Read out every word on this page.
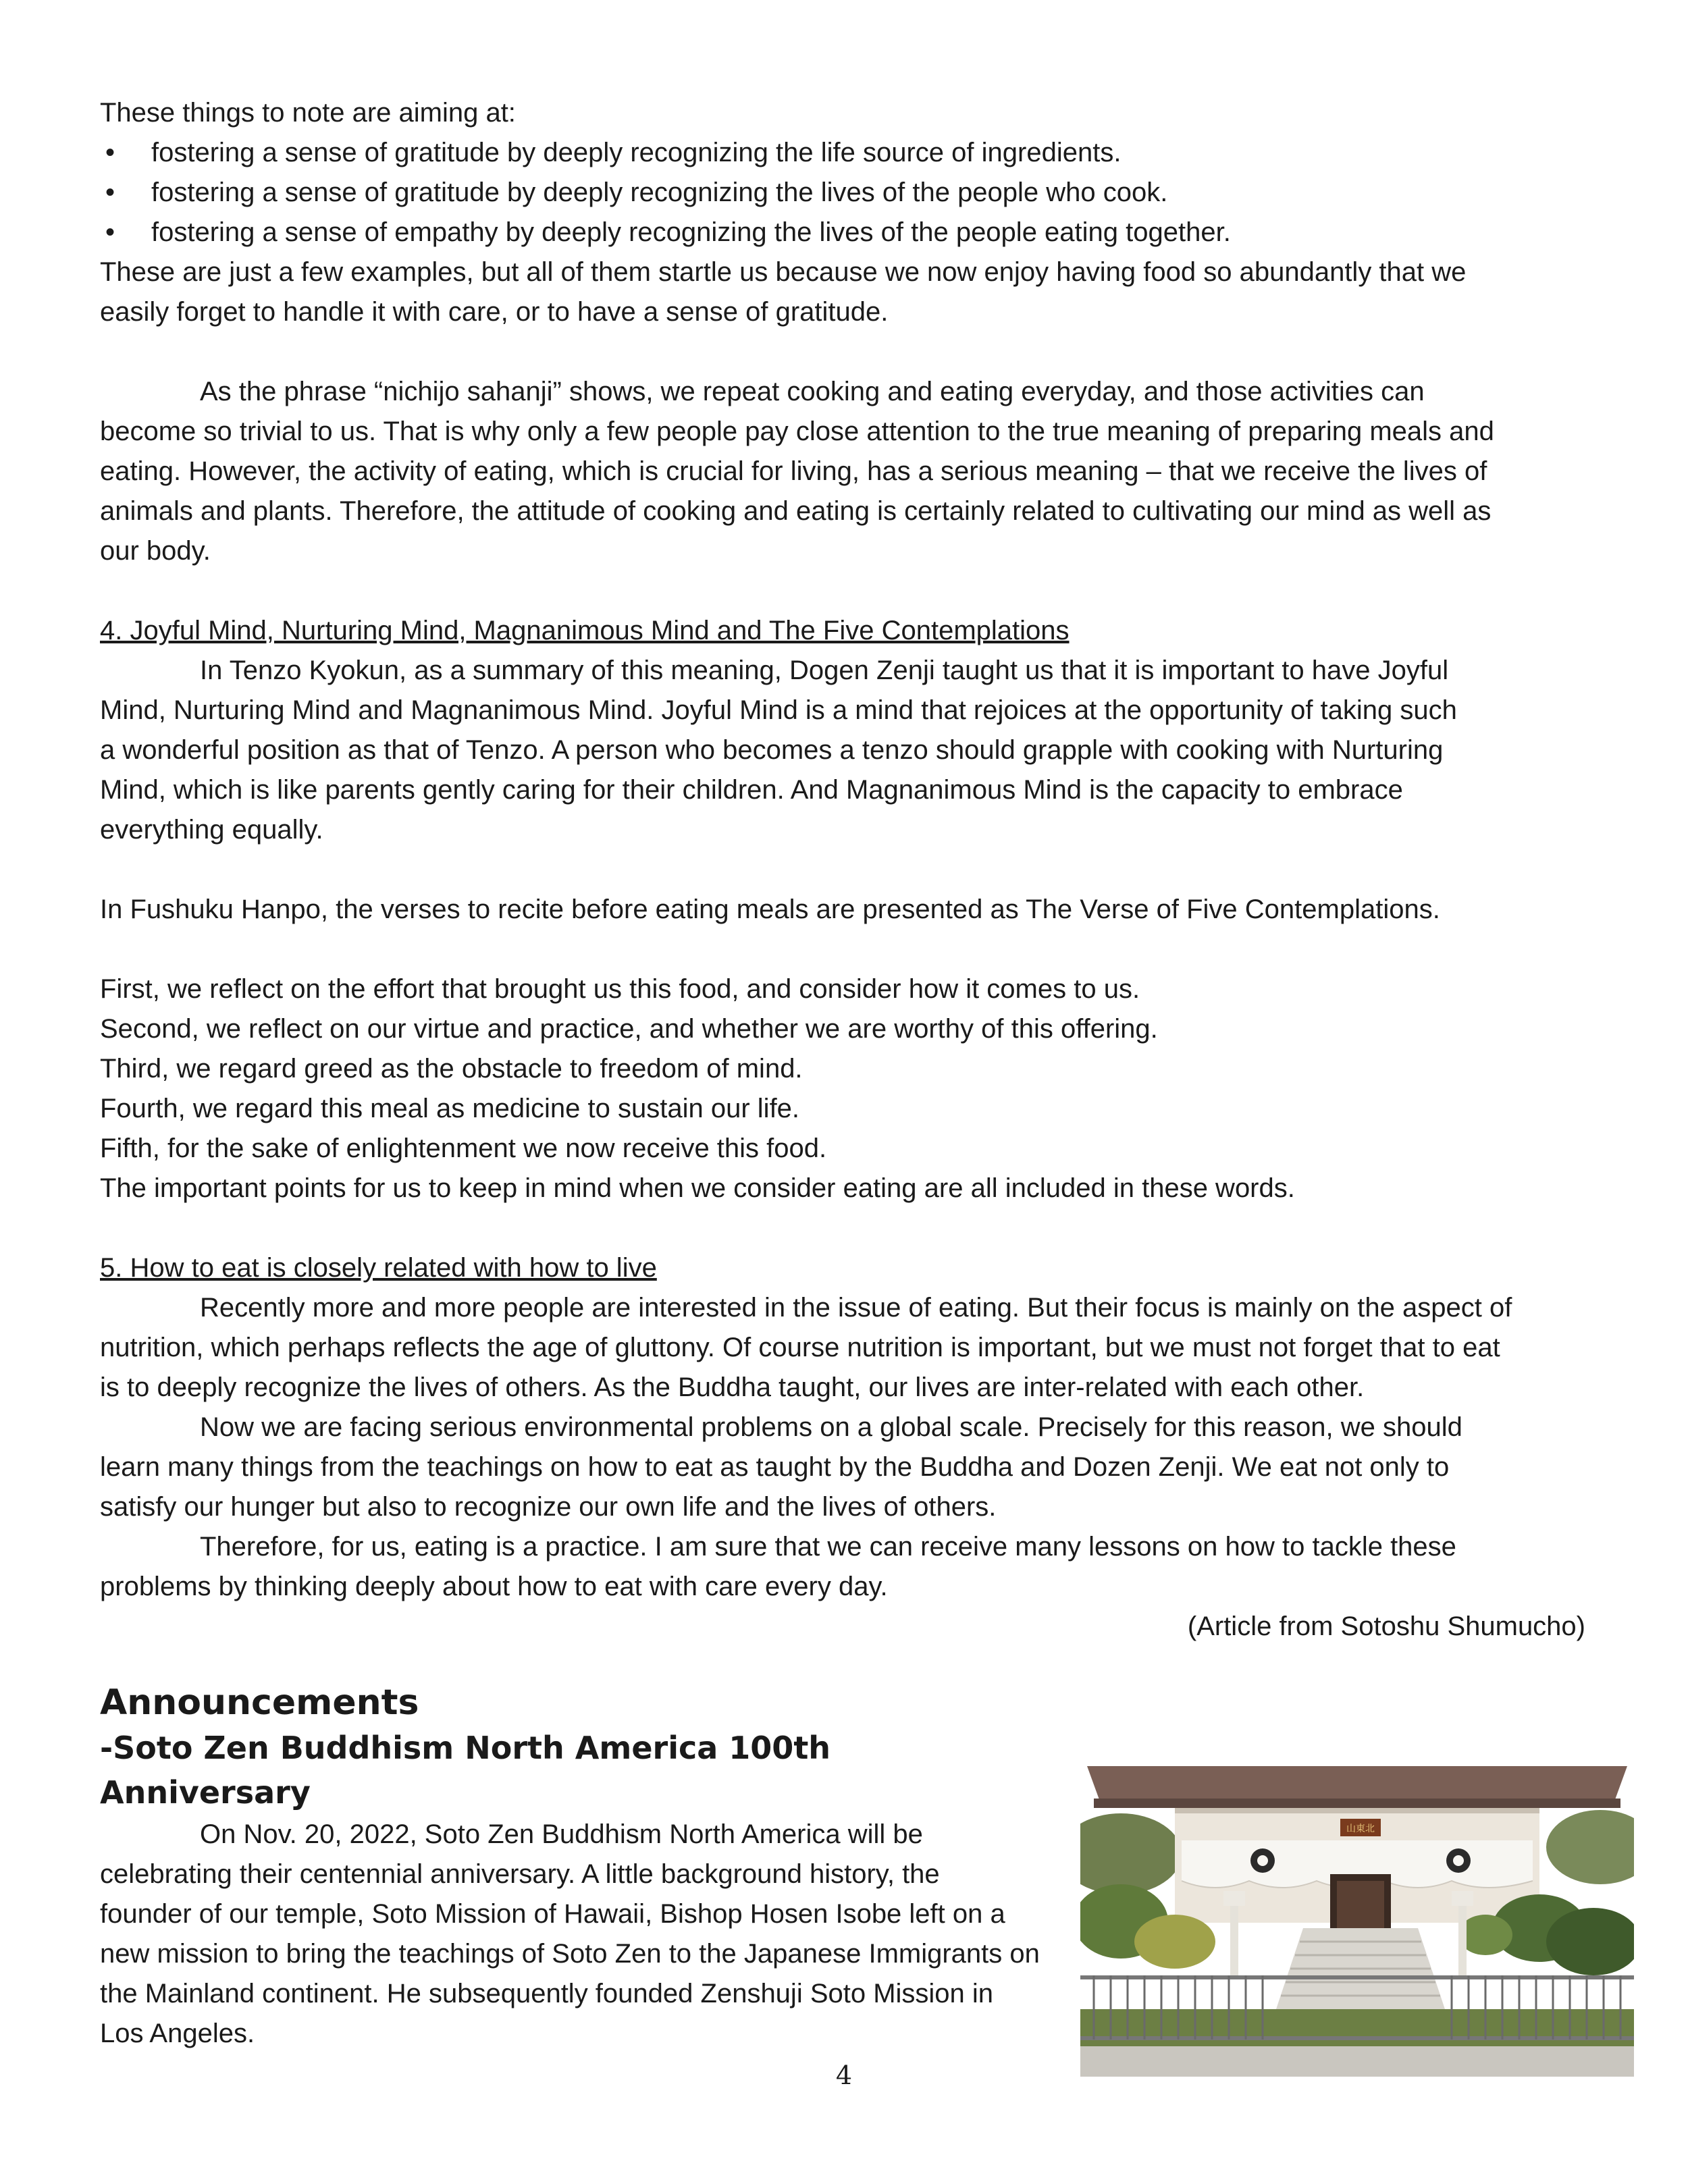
These things to note are aiming at:

• fostering a sense of gratitude by deeply recognizing the life source of ingredients.
• fostering a sense of gratitude by deeply recognizing the lives of the people who cook.
• fostering a sense of empathy by deeply recognizing the lives of the people eating together.

These are just a few examples, but all of them startle us because we now enjoy having food so abundantly that we

easily forget to handle it with care, or to have a sense of gratitude.

As the phrase “nichijo sahanji” shows, we repeat cooking and eating everyday, and those activities can

become so trivial to us. That is why only a few people pay close attention to the true meaning of preparing meals and

eating. However, the activity of eating, which is crucial for living, has a serious meaning – that we receive the lives of

animals and plants. Therefore, the attitude of cooking and eating is certainly related to cultivating our mind as well as

our body.

4. Joyful Mind, Nurturing Mind, Magnanimous Mind and The Five Contemplations

In Tenzo Kyokun, as a summary of this meaning, Dogen Zenji taught us that it is important to have Joyful

Mind, Nurturing Mind and Magnanimous Mind. Joyful Mind is a mind that rejoices at the opportunity of taking such

a wonderful position as that of Tenzo. A person who becomes a tenzo should grapple with cooking with Nurturing

Mind, which is like parents gently caring for their children. And Magnanimous Mind is the capacity to embrace

everything equally.

In Fushuku Hanpo, the verses to recite before eating meals are presented as The Verse of Five Contemplations.

First, we reflect on the effort that brought us this food, and consider how it comes to us.

Second, we reflect on our virtue and practice, and whether we are worthy of this offering.

Third, we regard greed as the obstacle to freedom of mind.

Fourth, we regard this meal as medicine to sustain our life.

Fifth, for the sake of enlightenment we now receive this food.

The important points for us to keep in mind when we consider eating are all included in these words.

5. How to eat is closely related with how to live

Recently more and more people are interested in the issue of eating. But their focus is mainly on the aspect of

nutrition, which perhaps reflects the age of gluttony. Of course nutrition is important, but we must not forget that to eat

is to deeply recognize the lives of others. As the Buddha taught, our lives are inter-related with each other.

Now we are facing serious environmental problems on a global scale. Precisely for this reason, we should

learn many things from the teachings on how to eat as taught by the Buddha and Dozen Zenji. We eat not only to

satisfy our hunger but also to recognize our own life and the lives of others.

Therefore, for us, eating is a practice. I am sure that we can receive many lessons on how to tackle these

problems by thinking deeply about how to eat with care every day.

(Article from Sotoshu Shumucho)

Announcements
-Soto Zen Buddhism North America 100th
Anniversary

On Nov. 20, 2022, Soto Zen Buddhism North America will be

celebrating their centennial anniversary. A little background history, the

founder of our temple, Soto Mission of Hawaii, Bishop Hosen Isobe left on a

new mission to bring the teachings of Soto Zen to the Japanese Immigrants on

the Mainland continent. He subsequently founded Zenshuji Soto Mission in

Los Angeles.

山東北
4
